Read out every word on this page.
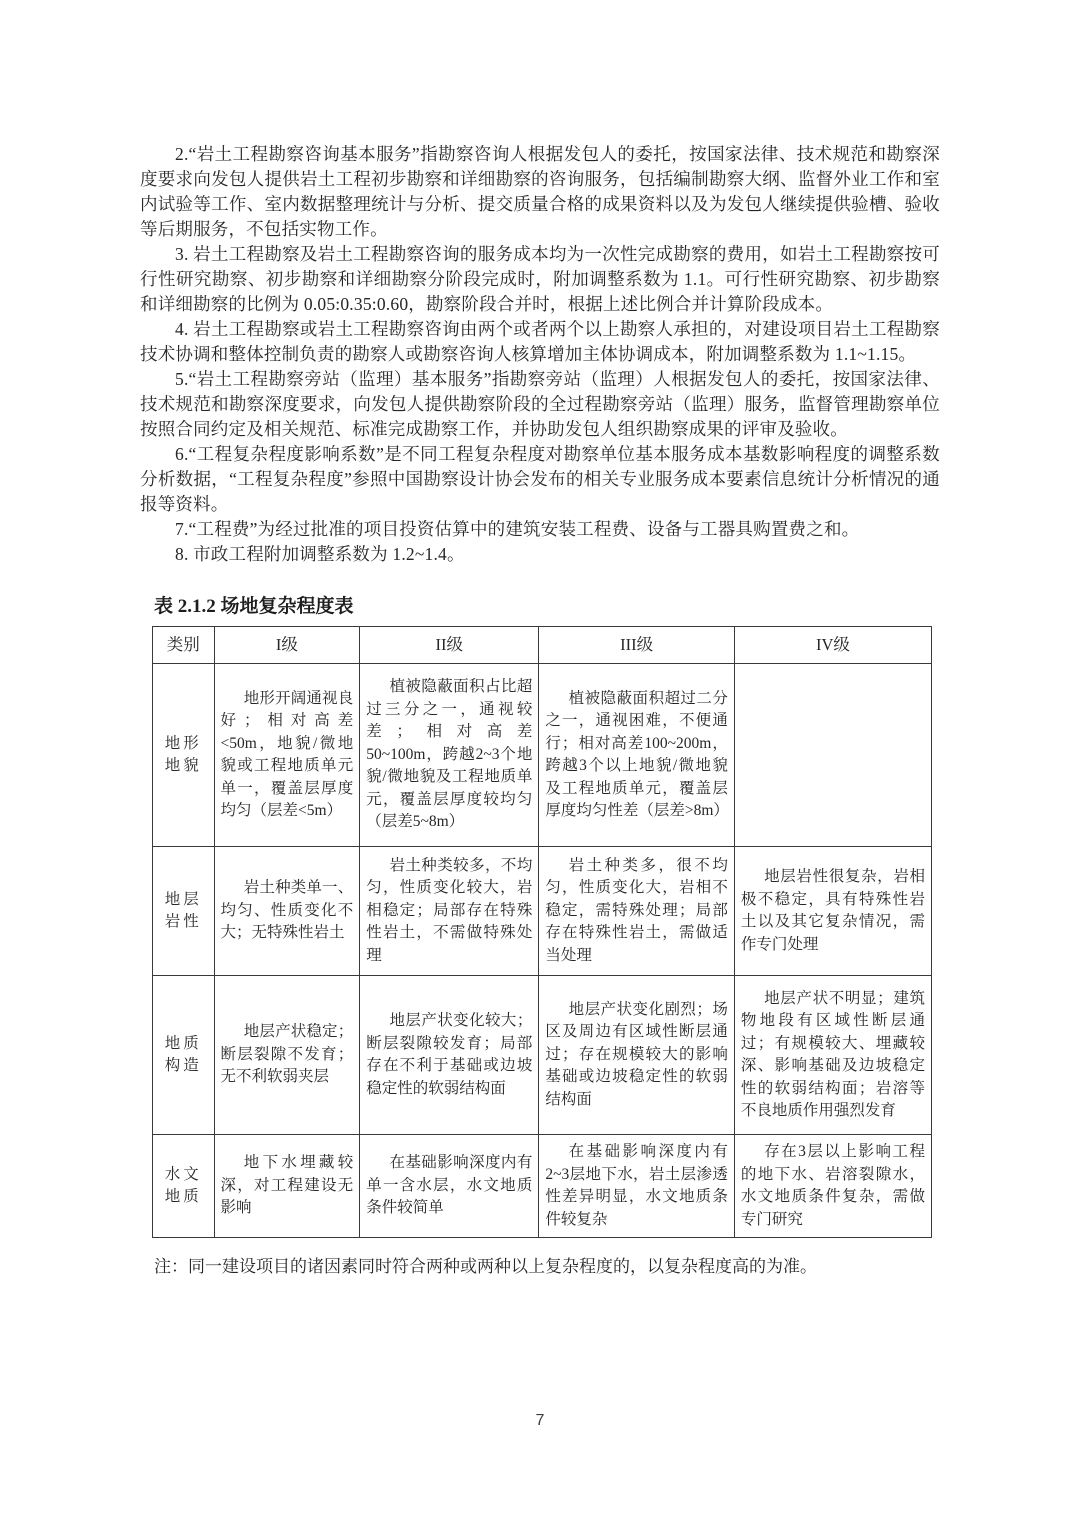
2.“岩土工程勘察咨询基本服务”指勘察咨询人根据发包人的委托，按国家法律、技术规范和勘察深度要求向发包人提供岩土工程初步勘察和详细勘察的咨询服务，包括编制勘察大纲、监督外业工作和室内试验等工作、室内数据整理统计与分析、提交质量合格的成果资料以及为发包人继续提供验槽、验收等后期服务，不包括实物工作。

3. 岩土工程勘察及岩土工程勘察咨询的服务成本均为一次性完成勘察的费用，如岩土工程勘察按可行性研究勘察、初步勘察和详细勘察分阶段完成时，附加调整系数为 1.1。可行性研究勘察、初步勘察和详细勘察的比例为 0.05:0.35:0.60，勘察阶段合并时，根据上述比例合并计算阶段成本。

4. 岩土工程勘察或岩土工程勘察咨询由两个或者两个以上勘察人承担的，对建设项目岩土工程勘察技术协调和整体控制负责的勘察人或勘察咨询人核算增加主体协调成本，附加调整系数为 1.1~1.15。

5.“岩土工程勘察旁站（监理）基本服务”指勘察旁站（监理）人根据发包人的委托，按国家法律、技术规范和勘察深度要求，向发包人提供勘察阶段的全过程勘察旁站（监理）服务，监督管理勘察单位按照合同约定及相关规范、标准完成勘察工作，并协助发包人组织勘察成果的评审及验收。

6.“工程复杂程度影响系数”是不同工程复杂程度对勘察单位基本服务成本基数影响程度的调整系数分析数据，“工程复杂程度”参照中国勘察设计协会发布的相关专业服务成本要素信息统计分析情况的通报等资料。

7.“工程费”为经过批准的项目投资估算中的建筑安装工程费、设备与工器具购置费之和。

8. 市政工程附加调整系数为 1.2~1.4。

表 2.1.2 场地复杂程度表
类别	I级	II级	III级	IV级
地形地貌	地形开阔通视良好；相对高差<50m，地貌/微地貌或工程地质单元单一，覆盖层厚度均匀（层差<5m）	植被隐蔽面积占比超过三分之一，通视较差；相对高差50~100m，跨越2~3个地貌/微地貌及工程地质单元，覆盖层厚度较均匀（层差5~8m）	植被隐蔽面积超过二分之一，通视困难，不便通行；相对高差100~200m，跨越3个以上地貌/微地貌及工程地质单元，覆盖层厚度均匀性差（层差>8m）	
地层岩性	岩土种类单一、均匀、性质变化不大；无特殊性岩土	岩土种类较多，不均匀，性质变化较大，岩相稳定；局部存在特殊性岩土，不需做特殊处理	岩土种类多，很不均匀，性质变化大，岩相不稳定，需特殊处理；局部存在特殊性岩土，需做适当处理	地层岩性很复杂，岩相极不稳定，具有特殊性岩土以及其它复杂情况，需作专门处理
地质构造	地层产状稳定；断层裂隙不发育；无不利软弱夹层	地层产状变化较大；断层裂隙较发育；局部存在不利于基础或边坡稳定性的软弱结构面	地层产状变化剧烈；场区及周边有区域性断层通过；存在规模较大的影响基础或边坡稳定性的软弱结构面	地层产状不明显；建筑物地段有区域性断层通过；有规模较大、埋藏较深、影响基础及边坡稳定性的软弱结构面；岩溶等不良地质作用强烈发育
水文地质	地下水埋藏较深，对工程建设无影响	在基础影响深度内有单一含水层，水文地质条件较简单	在基础影响深度内有2~3层地下水，岩土层渗透性差异明显，水文地质条件较复杂	存在3层以上影响工程的地下水、岩溶裂隙水，水文地质条件复杂，需做专门研究

注：同一建设项目的诸因素同时符合两种或两种以上复杂程度的，以复杂程度高的为准。

7
